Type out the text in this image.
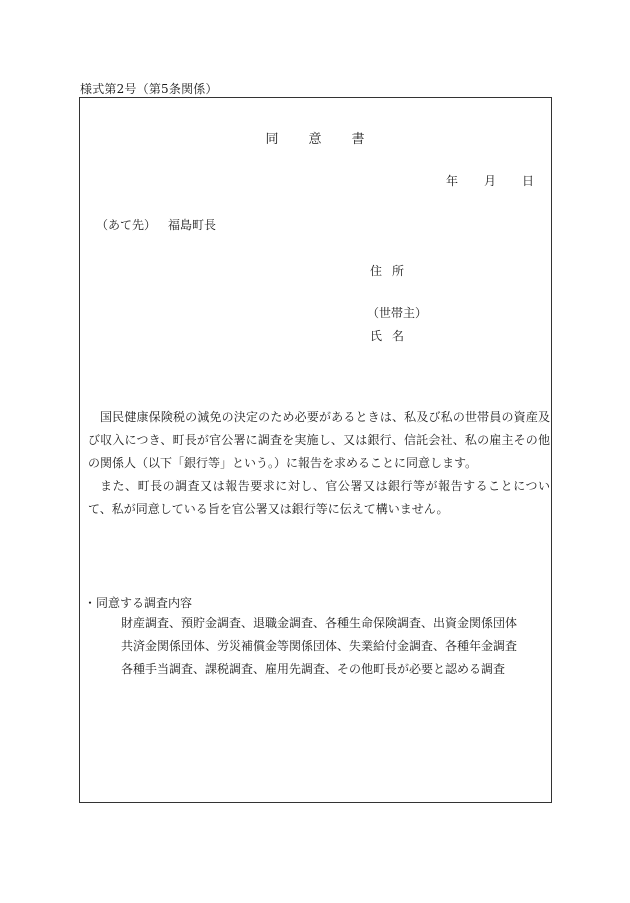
様式第2号（第5条関係）
同意書
年 月 日
（あて先） 福島町長
住所
（世帯主）
氏名

国民健康保険税の減免の決定のため必要があるときは、私及び私の世帯員の資産及び収入につき、町長が官公署に調査を実施し、又は銀行、信託会社、私の雇主その他の関係人（以下「銀行等」という。）に報告を求めることに同意します。

また、町長の調査又は報告要求に対し、官公署又は銀行等が報告することについて、私が同意している旨を官公署又は銀行等に伝えて構いません。

・同意する調査内容
財産調査、預貯金調査、退職金調査、各種生命保険調査、出資金関係団体
共済金関係団体、労災補償金等関係団体、失業給付金調査、各種年金調査
各種手当調査、課税調査、雇用先調査、その他町長が必要と認める調査
